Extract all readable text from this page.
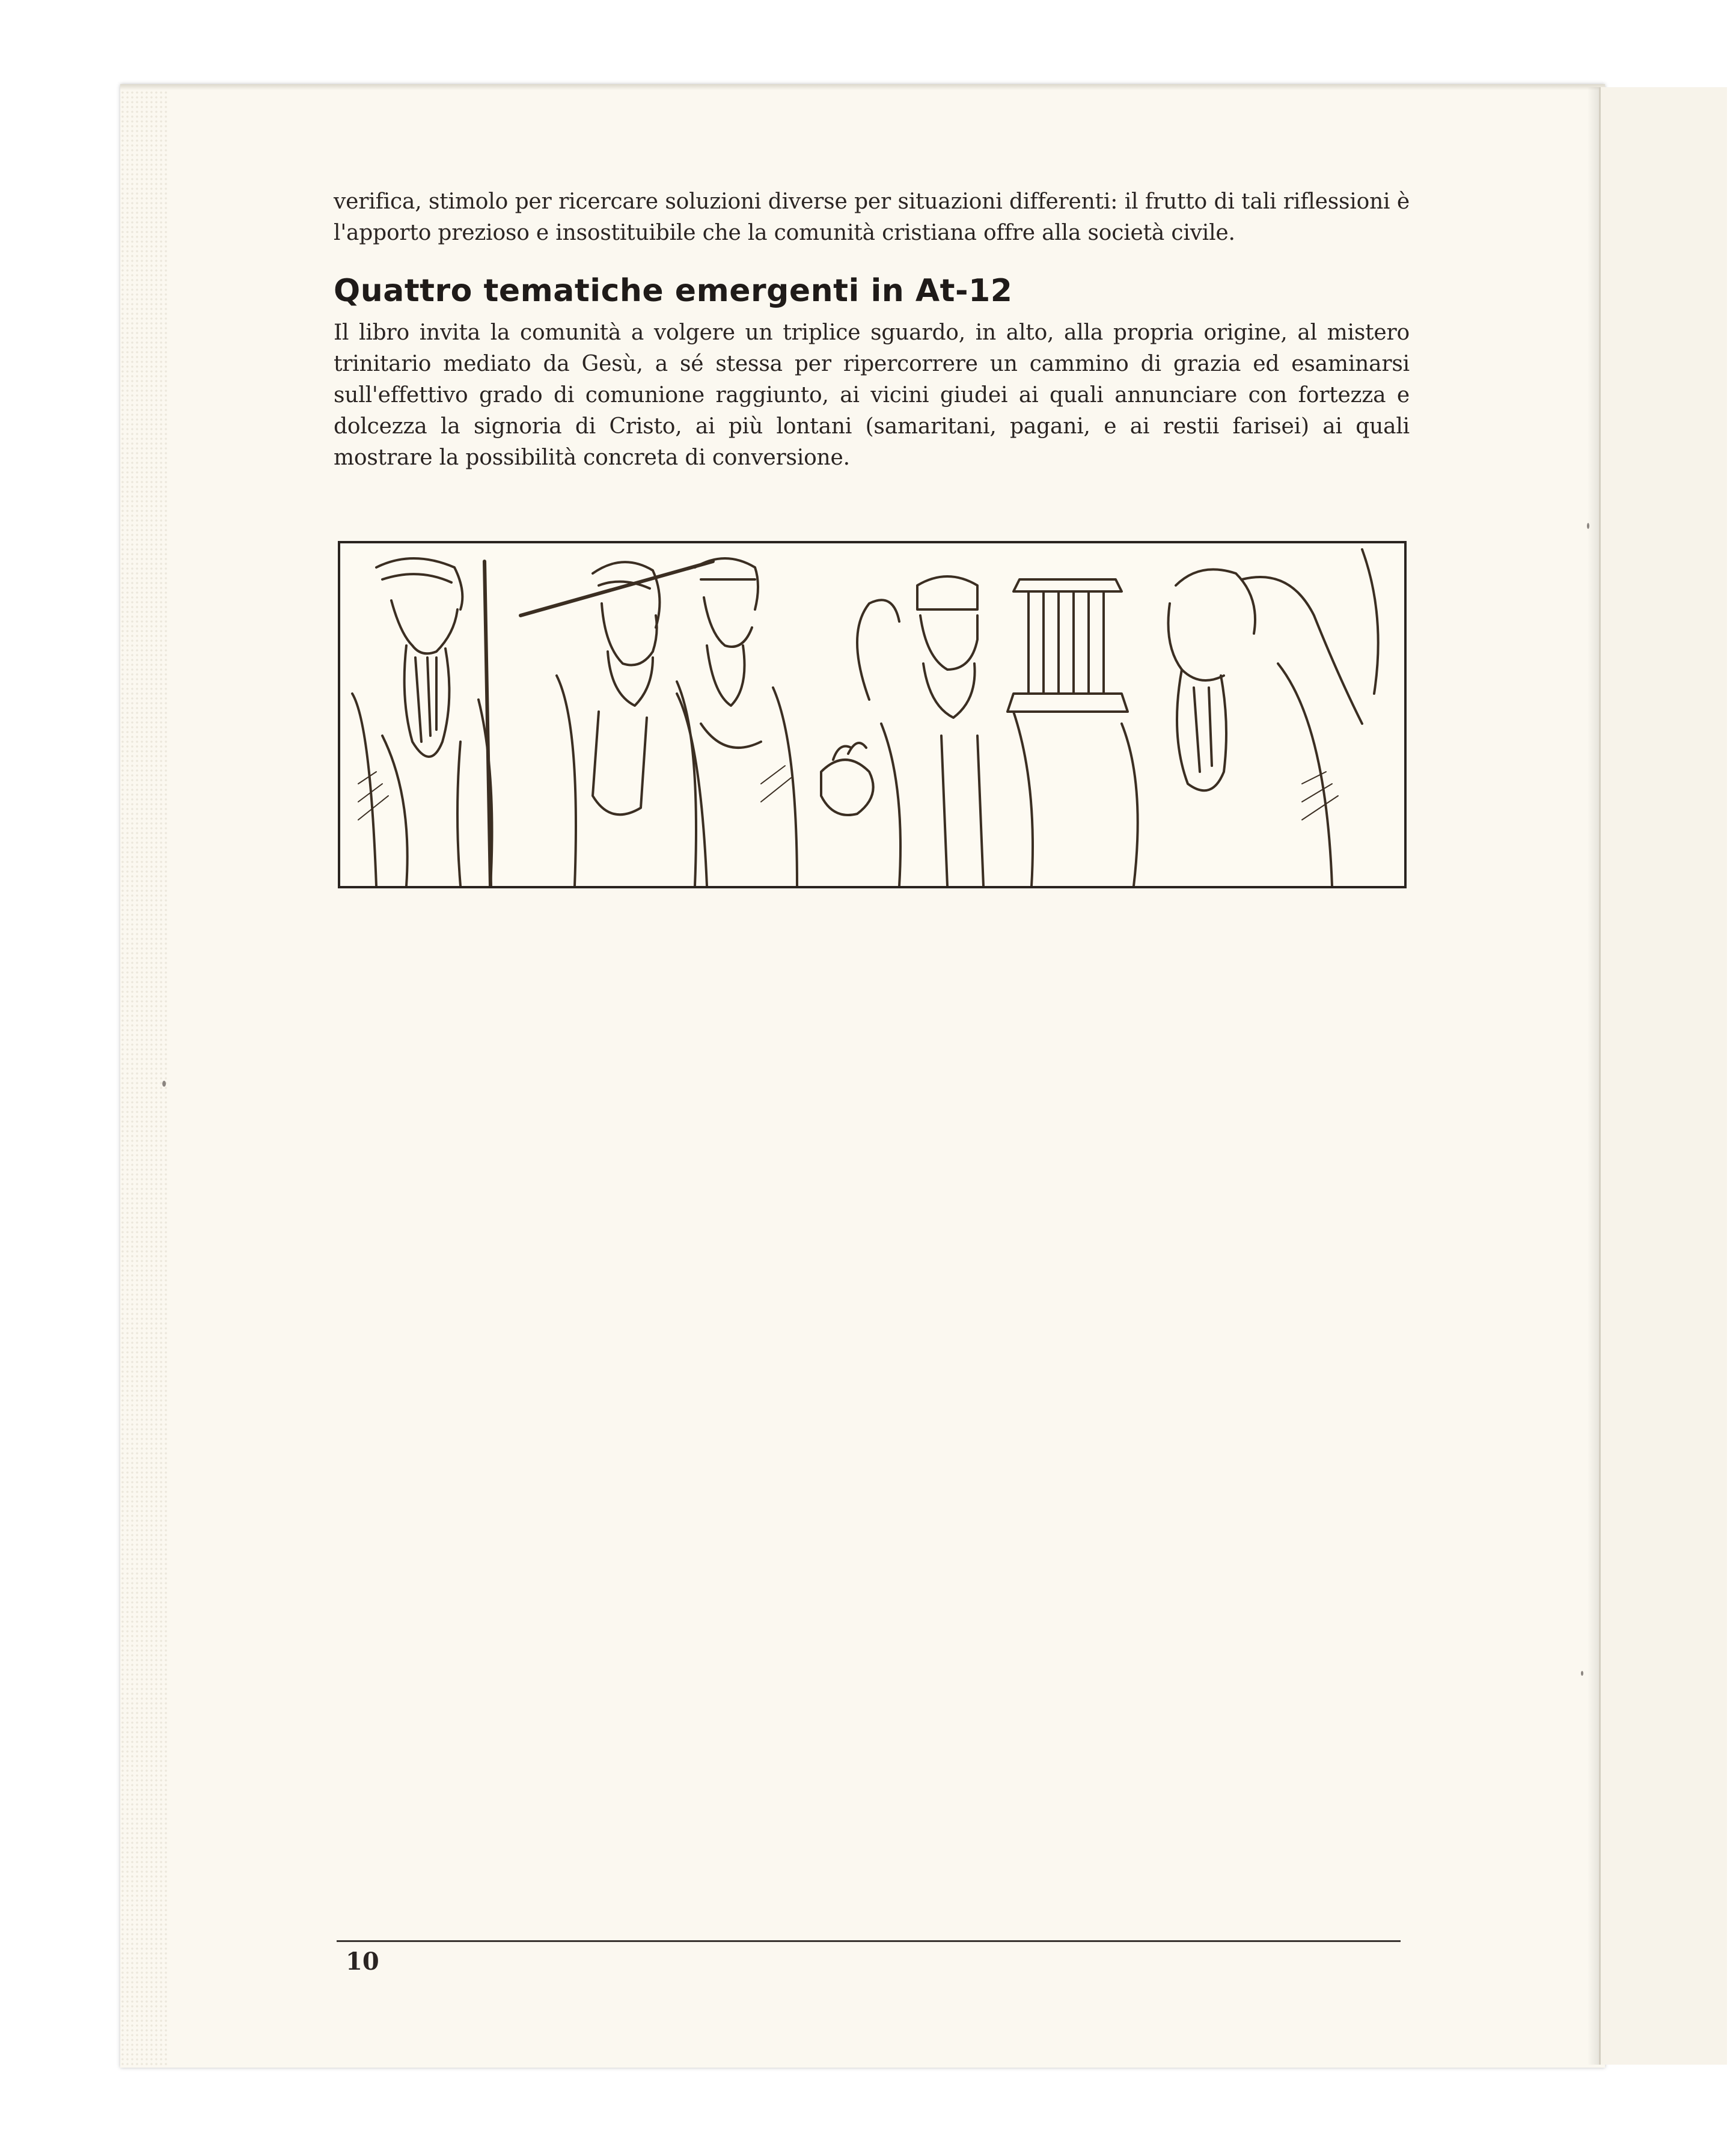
verifica, stimolo per ricercare soluzioni diverse per situazioni differenti: il frutto di tali riflessioni è l'apporto prezioso e insostituibile che la comunità cristiana offre alla società civile.

Quattro tematiche emergenti in At-12

Il libro invita la comunità a volgere un triplice sguardo, in alto, alla propria origine, al mistero trinitario mediato da Gesù, a sé stessa per ripercorrere un cammino di grazia ed esaminarsi sull'effettivo grado di comunione raggiunto, ai vicini giudei ai quali annunciare con fortezza e dolcezza la signoria di Cristo, ai più lontani (samaritani, pagani, e ai restii farisei) ai quali mostrare la possibilità concreta di conversione.

10
